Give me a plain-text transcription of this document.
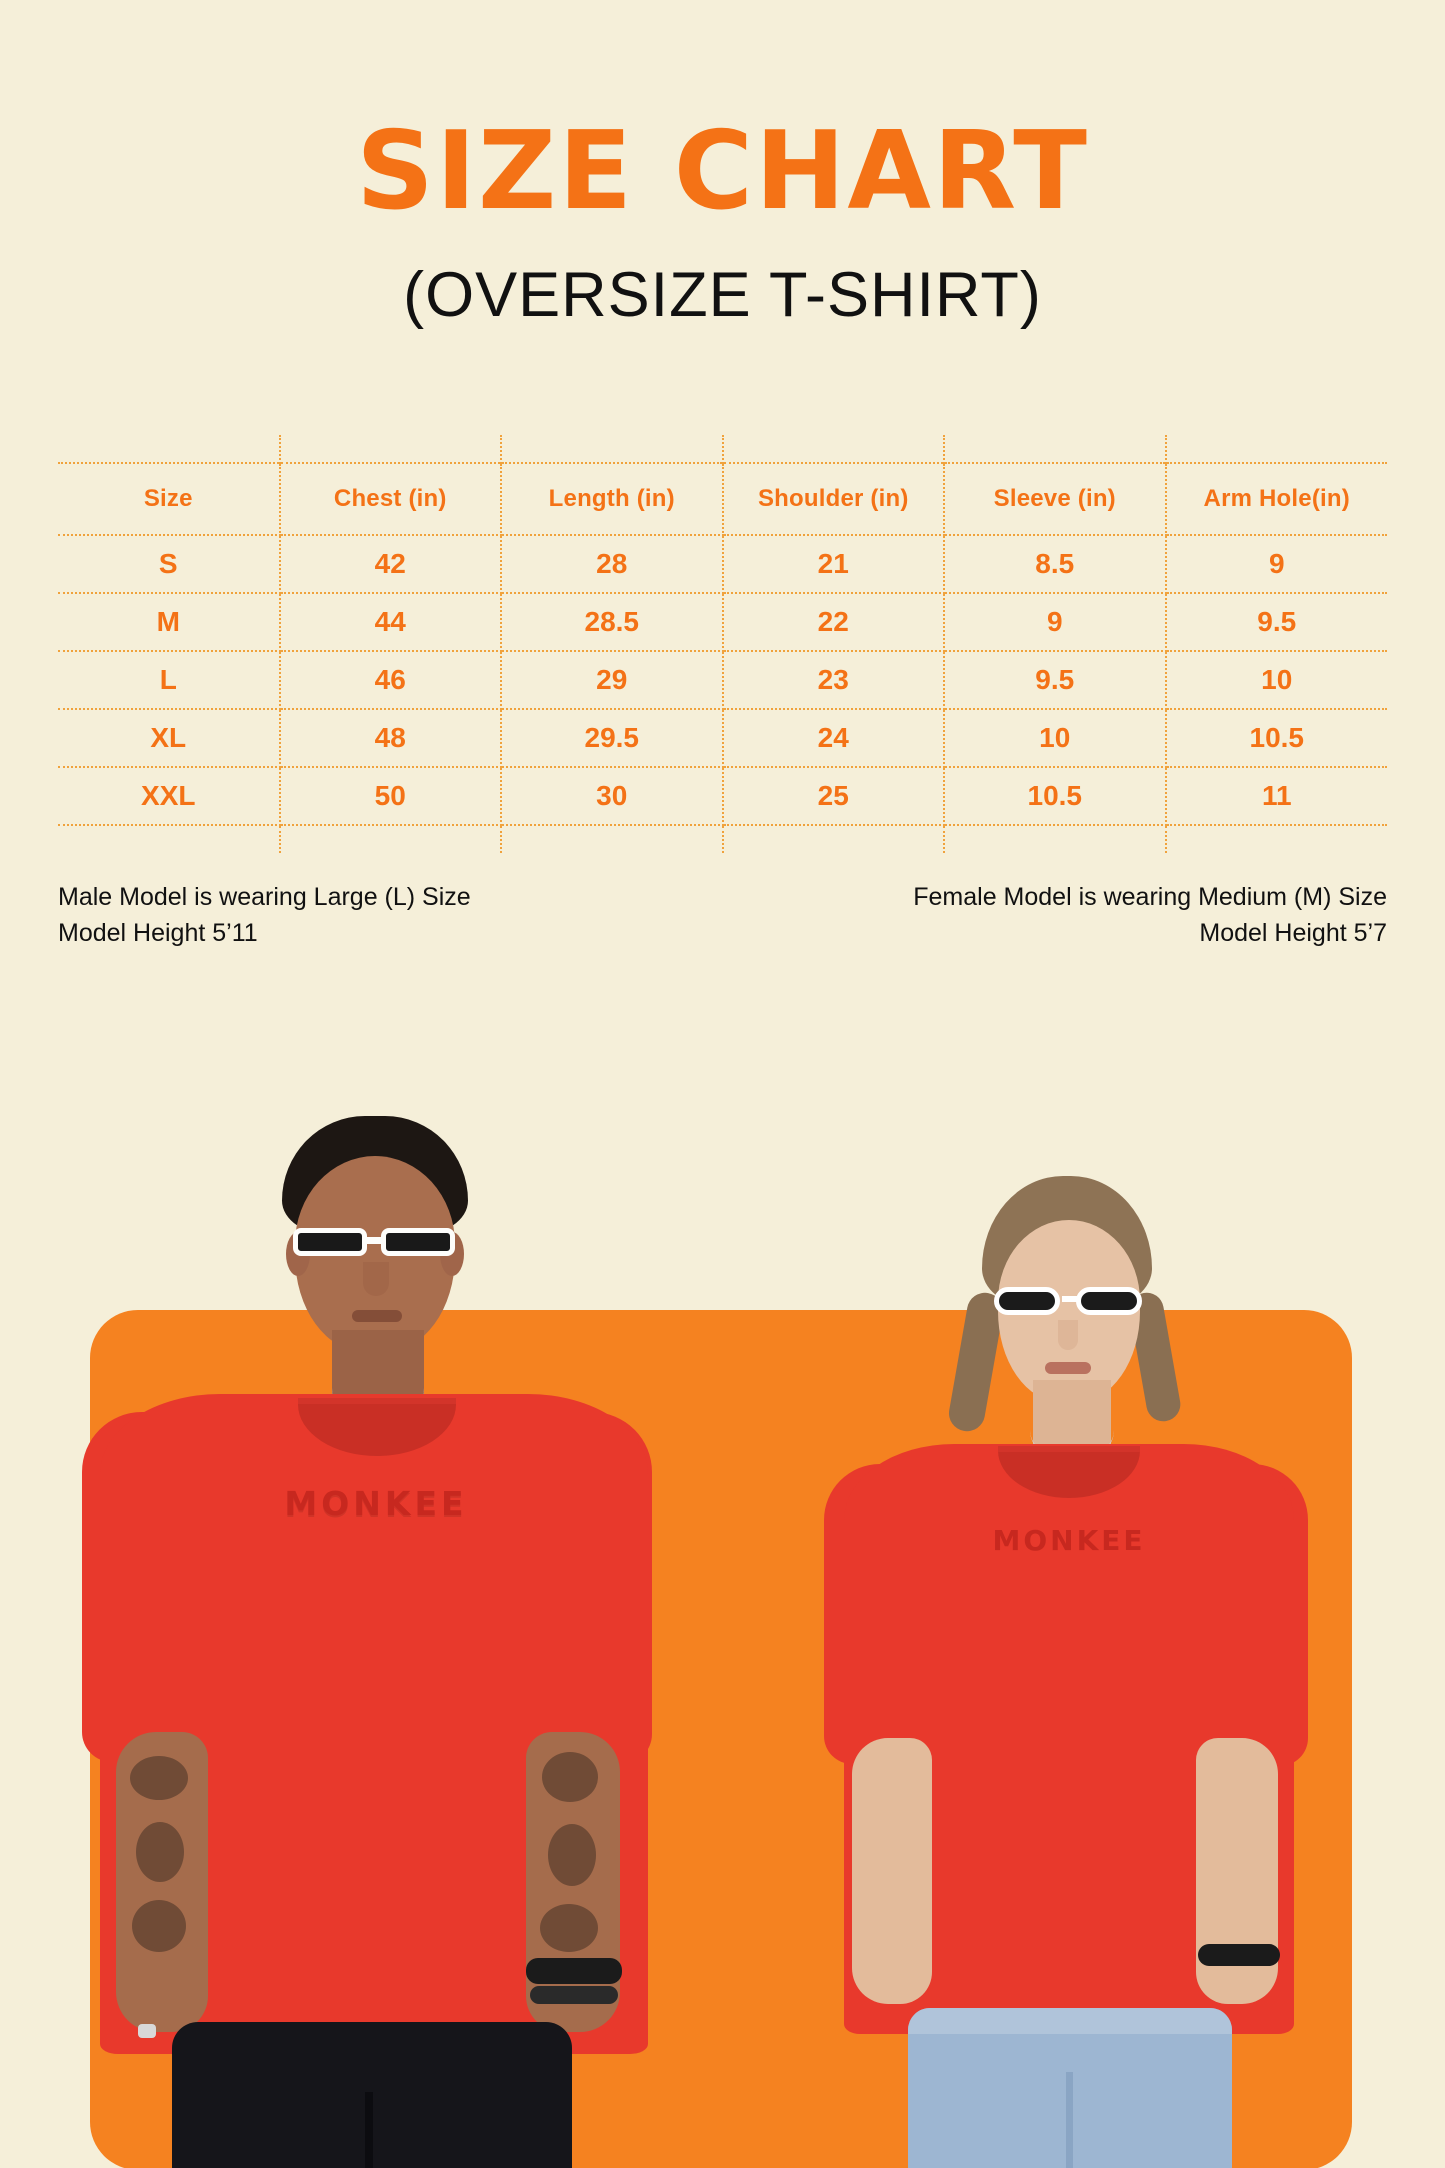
SIZE CHART
(OVERSIZE T-SHIRT)

Size	Chest (in)	Length (in)	Shoulder (in)	Sleeve (in)	Arm Hole(in)
S	42	28	21	8.5	9
M	44	28.5	22	9	9.5
L	46	29	23	9.5	10
XL	48	29.5	24	10	10.5
XXL	50	30	25	10.5	11

Male Model is wearing Large (L) Size
Model Height 5’11
Female Model is wearing Medium (M) Size
Model Height 5’7
MONKEE
MONKEE
